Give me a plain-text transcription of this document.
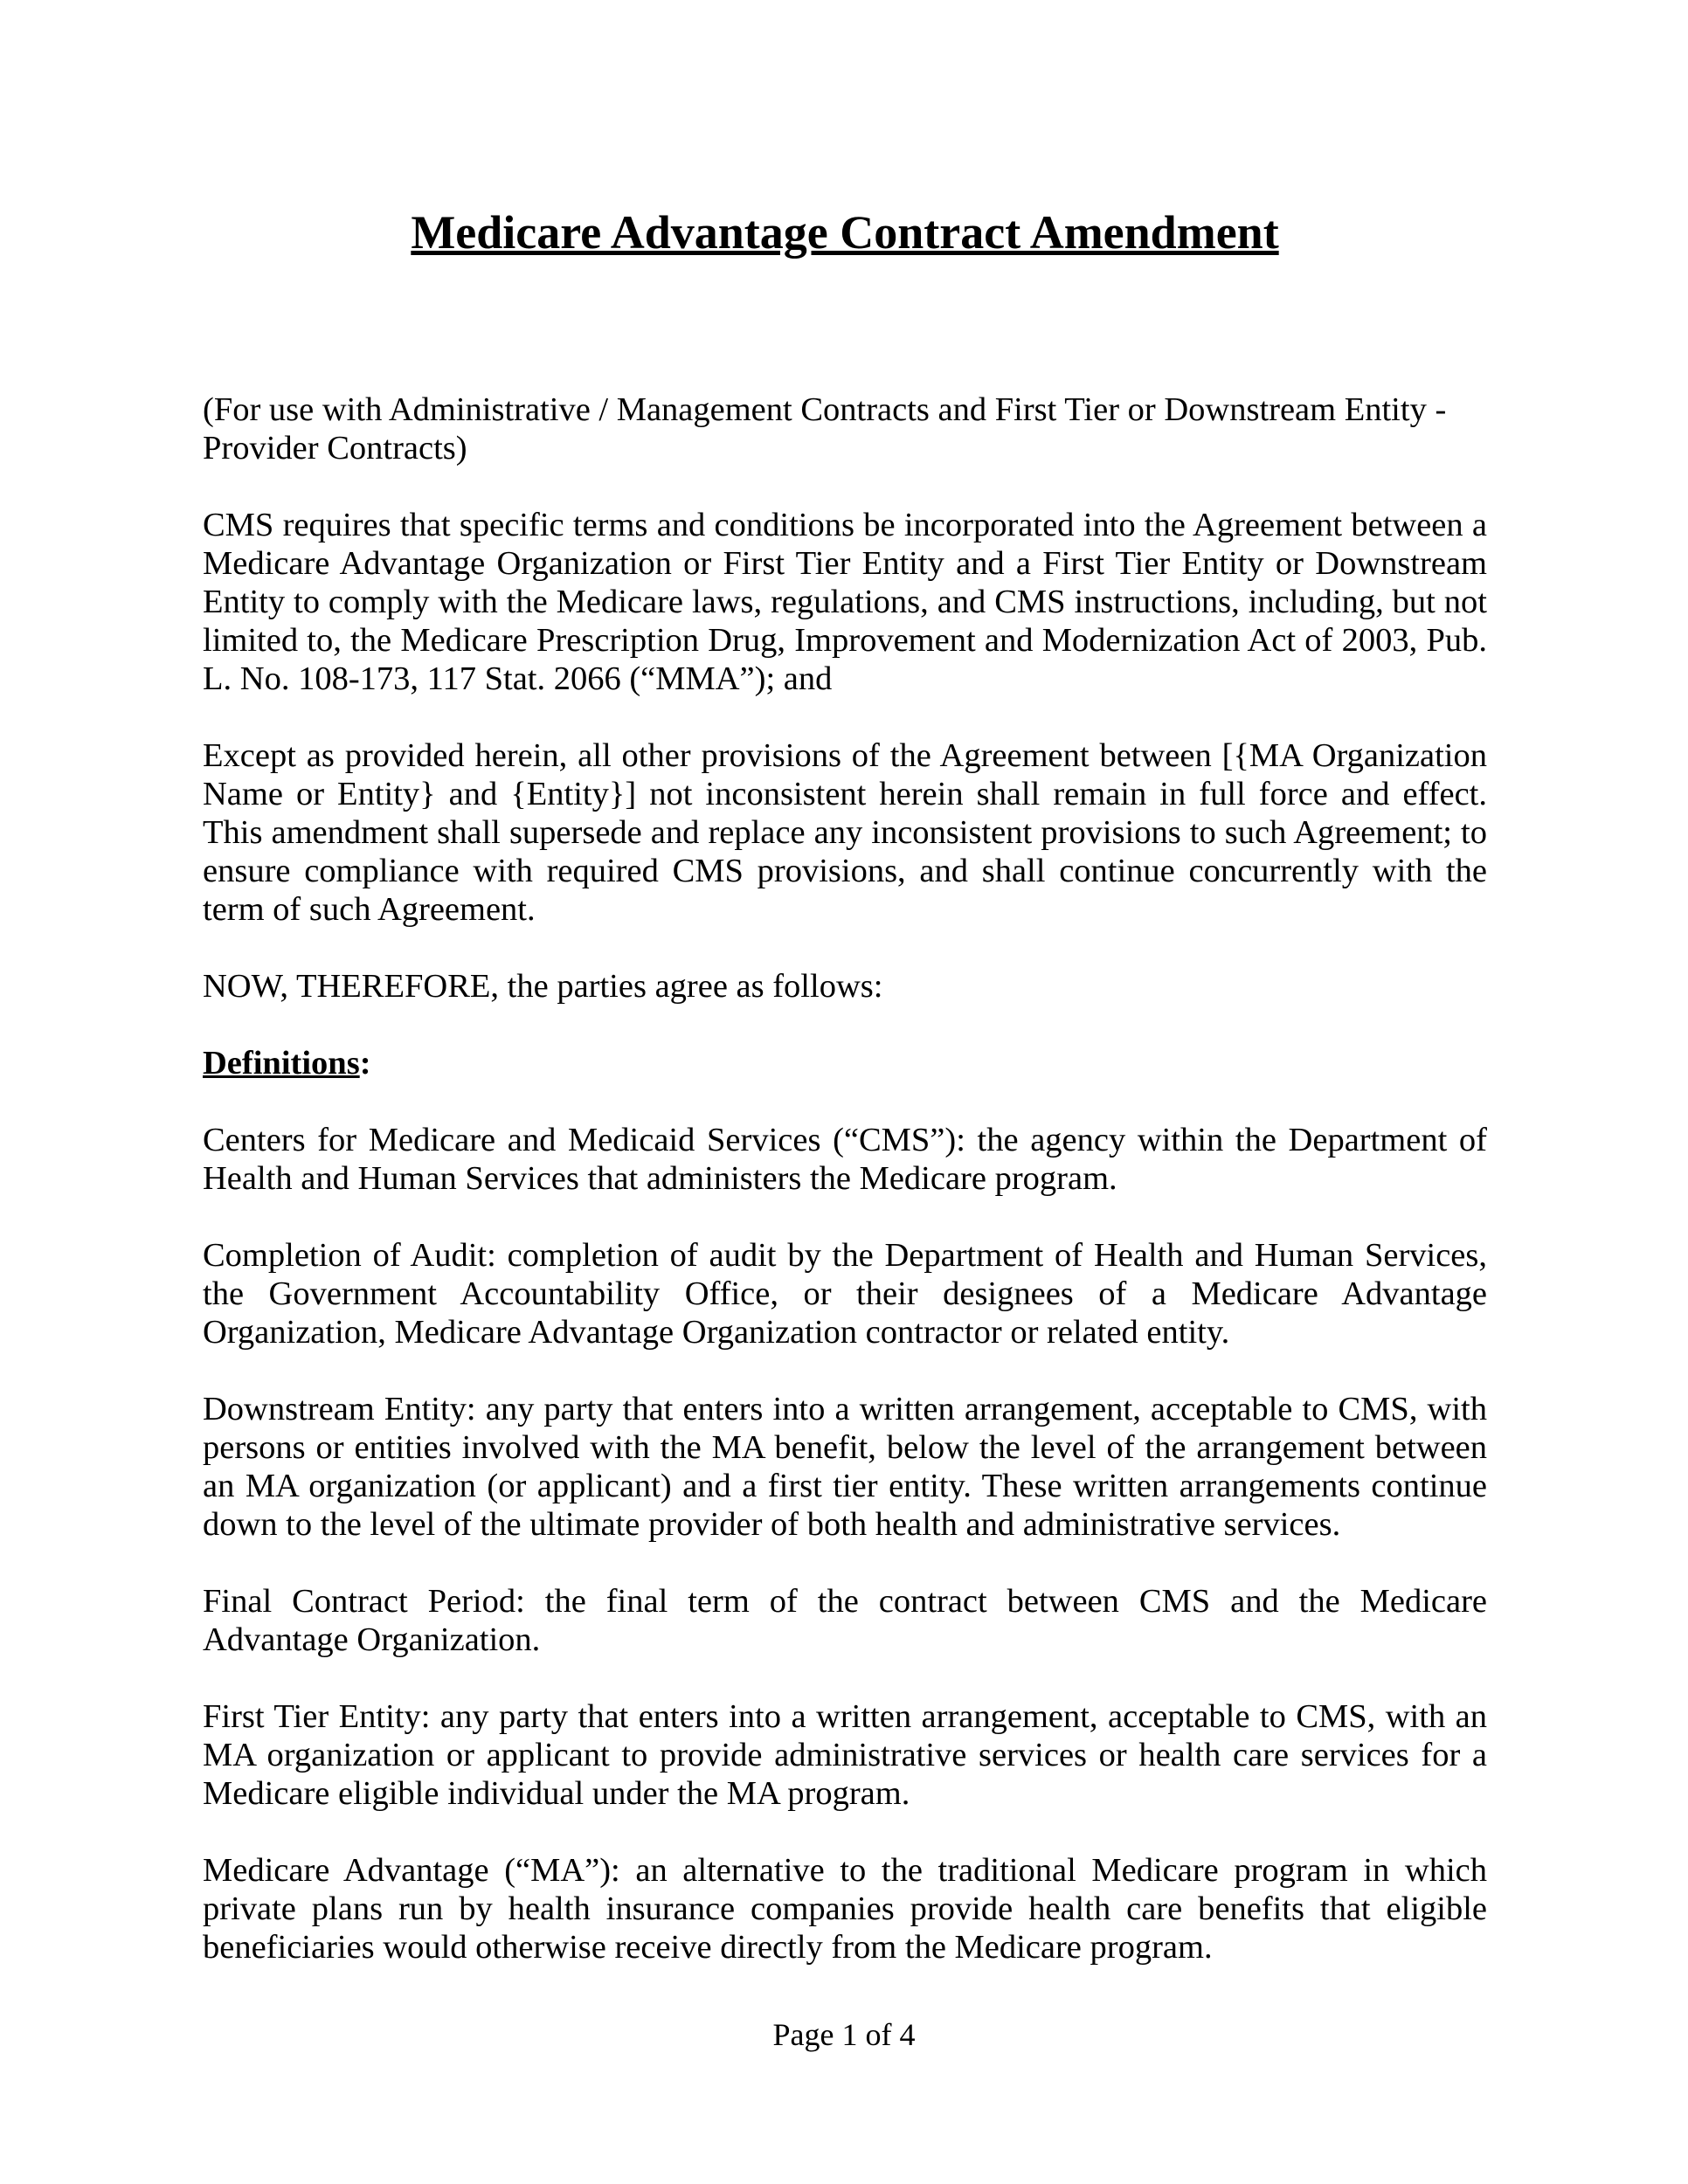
Medicare Advantage Contract Amendment

(For use with Administrative / Management Contracts and First Tier or Downstream Entity - Provider Contracts)

CMS requires that specific terms and conditions be incorporated into the Agreement between a Medicare Advantage Organization or First Tier Entity and a First Tier Entity or Downstream Entity to comply with the Medicare laws, regulations, and CMS instructions, including, but not limited to, the Medicare Prescription Drug, Improvement and Modernization Act of 2003, Pub. L. No. 108-173, 117 Stat. 2066 (“MMA”); and

Except as provided herein, all other provisions of the Agreement between [{MA Organization Name or Entity} and {Entity}] not inconsistent herein shall remain in full force and effect. This amendment shall supersede and replace any inconsistent provisions to such Agreement; to ensure compliance with required CMS provisions, and shall continue concurrently with the term of such Agreement.

NOW, THEREFORE, the parties agree as follows:

Definitions:

Centers for Medicare and Medicaid Services (“CMS”): the agency within the Department of Health and Human Services that administers the Medicare program.

Completion of Audit: completion of audit by the Department of Health and Human Services, the Government Accountability Office, or their designees of a Medicare Advantage Organization, Medicare Advantage Organization contractor or related entity.

Downstream Entity: any party that enters into a written arrangement, acceptable to CMS, with persons or entities involved with the MA benefit, below the level of the arrangement between an MA organization (or applicant) and a first tier entity. These written arrangements continue down to the level of the ultimate provider of both health and administrative services.

Final Contract Period: the final term of the contract between CMS and the Medicare Advantage Organization.

First Tier Entity: any party that enters into a written arrangement, acceptable to CMS, with an MA organization or applicant to provide administrative services or health care services for a Medicare eligible individual under the MA program.

Medicare Advantage (“MA”): an alternative to the traditional Medicare program in which private plans run by health insurance companies provide health care benefits that eligible beneficiaries would otherwise receive directly from the Medicare program.

Page 1 of 4
